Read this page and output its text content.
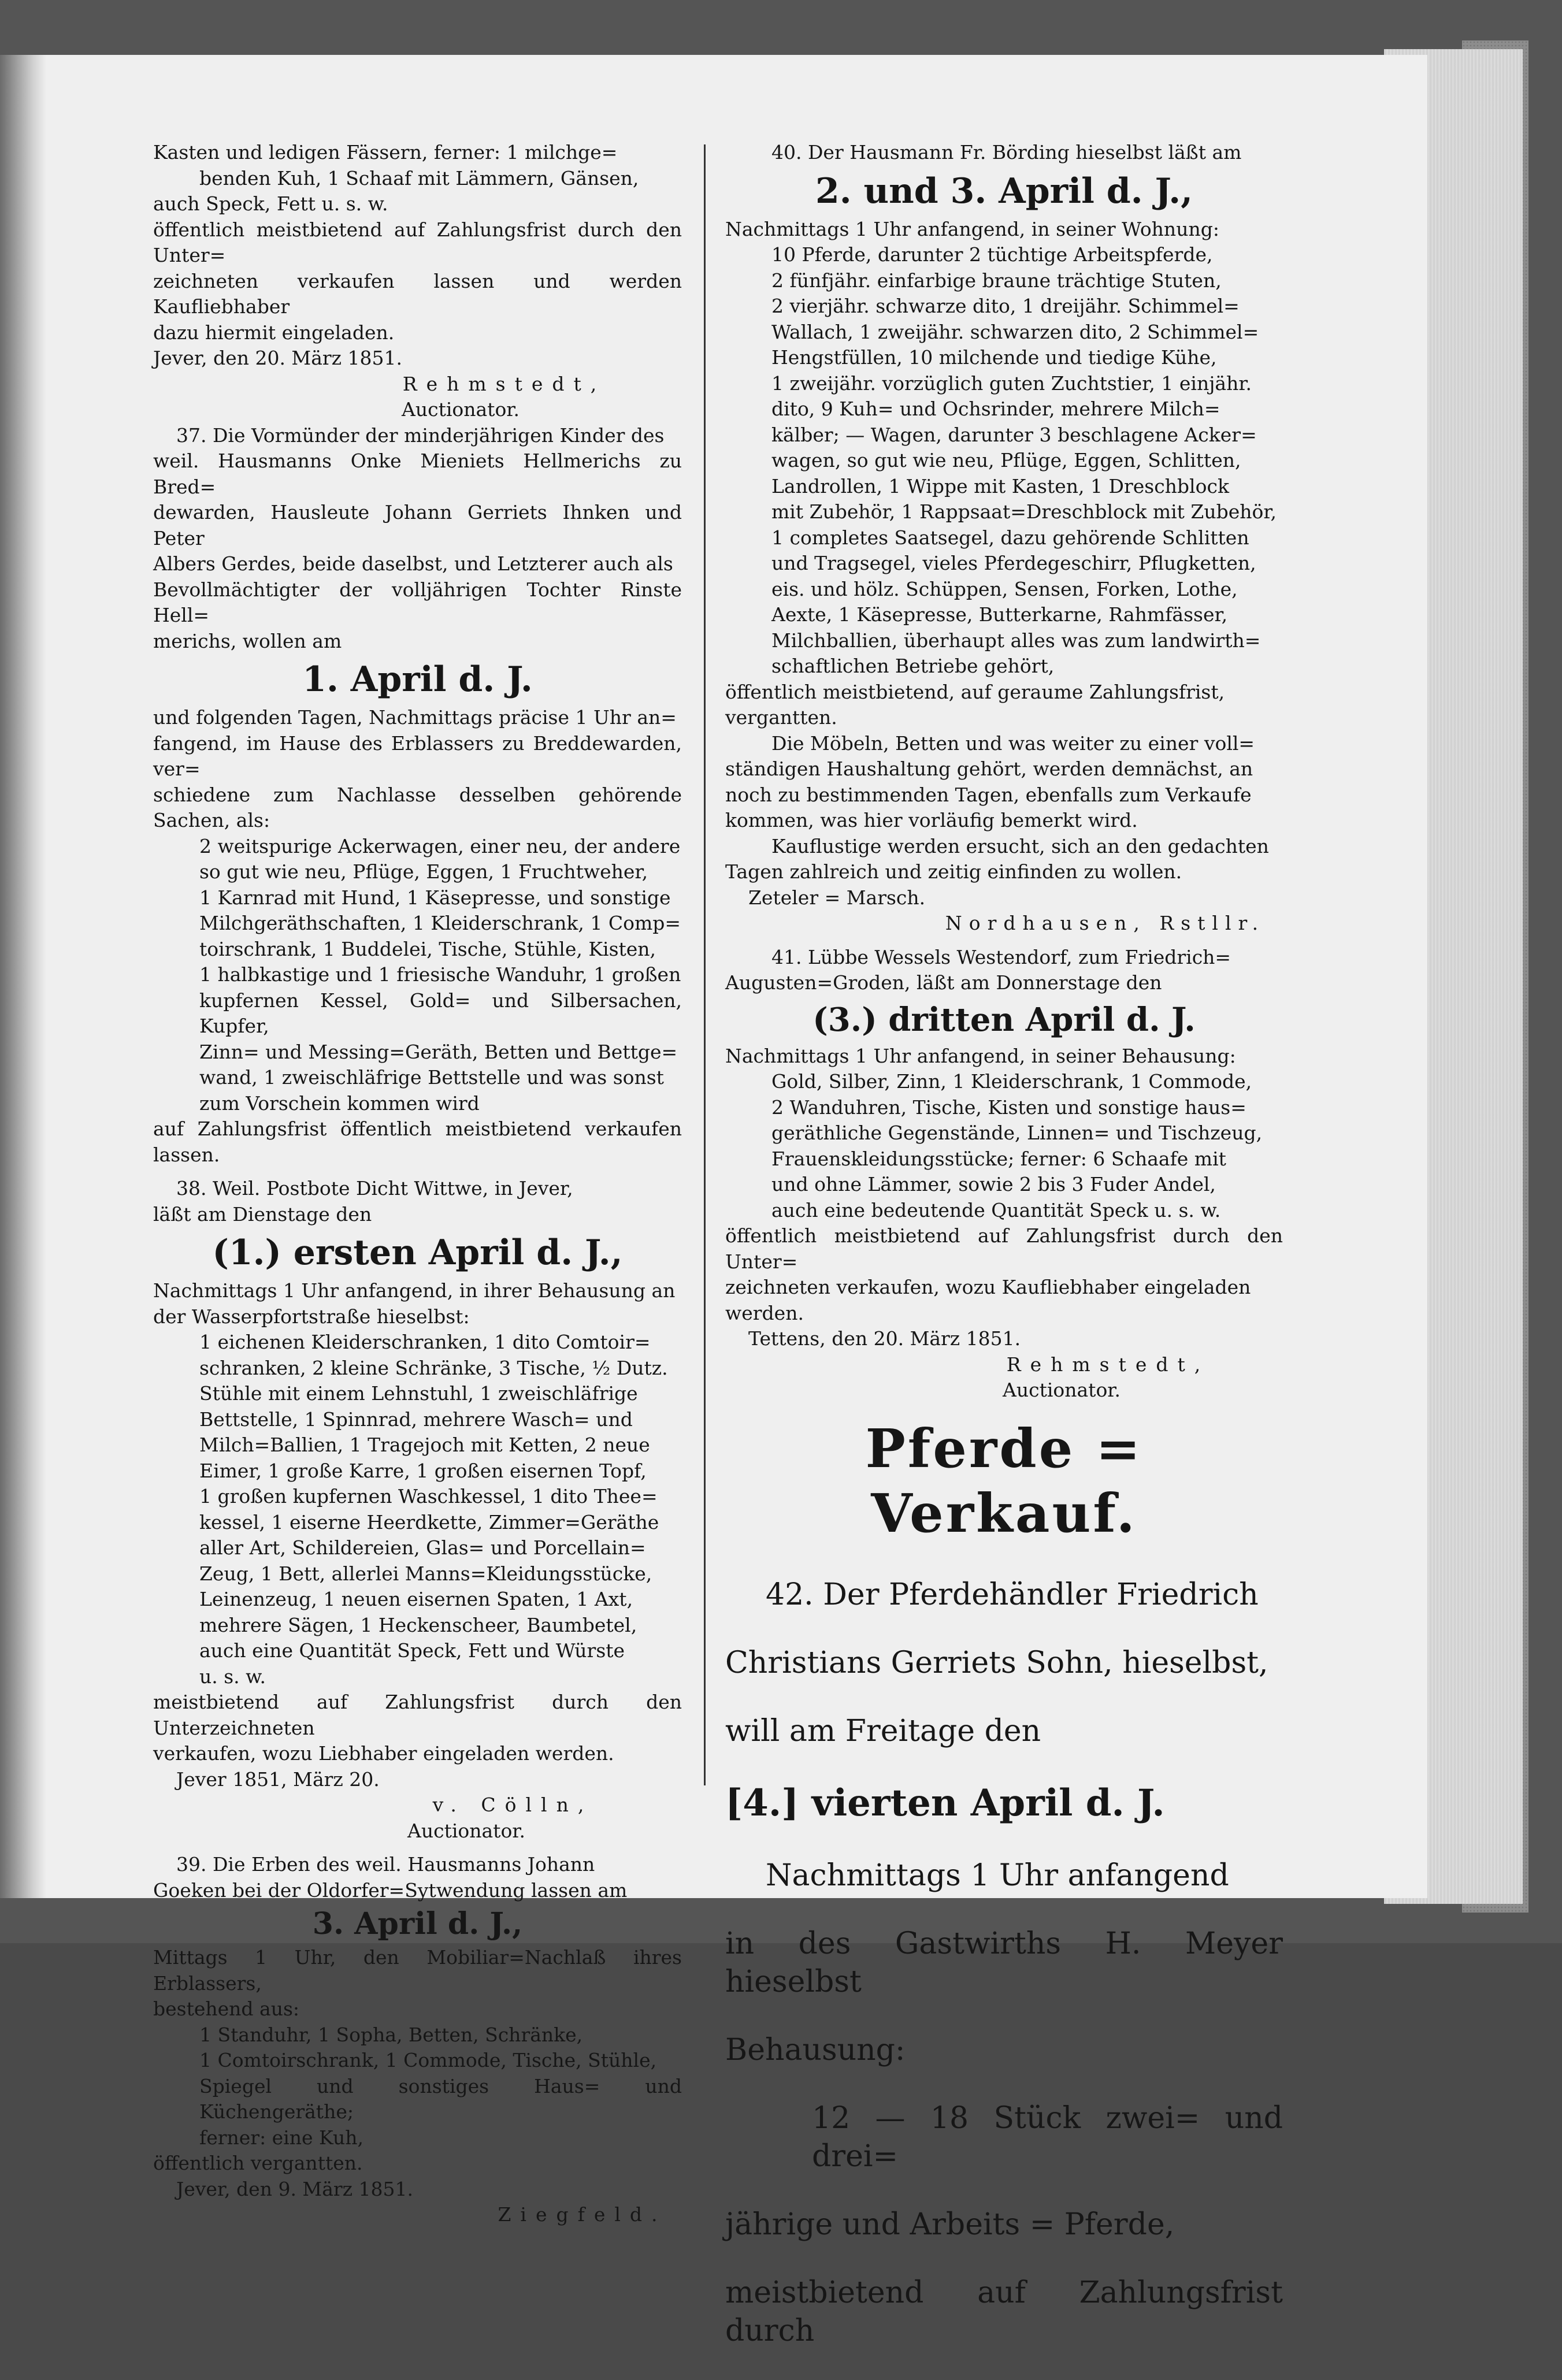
Kasten und ledigen Fässern, ferner: 1 milchge=

benden Kuh, 1 Schaaf mit Lämmern, Gänsen,

auch Speck, Fett u. s. w.

öffentlich meistbietend auf Zahlungsfrist durch den Unter=

zeichneten verkaufen lassen und werden Kaufliebhaber

dazu hiermit eingeladen.

Jever, den 20. März 1851.

Rehmstedt,

Auctionator.

37. Die Vormünder der minderjährigen Kinder des

weil. Hausmanns Onke Mieniets Hellmerichs zu Bred=

dewarden, Hausleute Johann Gerriets Ihnken und Peter

Albers Gerdes, beide daselbst, und Letzterer auch als

Bevollmächtigter der volljährigen Tochter Rinste Hell=

merichs, wollen am

1. April d. J.

und folgenden Tagen, Nachmittags präcise 1 Uhr an=

fangend, im Hause des Erblassers zu Breddewarden, ver=

schiedene zum Nachlasse desselben gehörende Sachen, als:

2 weitspurige Ackerwagen, einer neu, der andere

so gut wie neu, Pflüge, Eggen, 1 Fruchtweher,

1 Karnrad mit Hund, 1 Käsepresse, und sonstige

Milchgeräthschaften, 1 Kleiderschrank, 1 Comp=

toirschrank, 1 Buddelei, Tische, Stühle, Kisten,

1 halbkastige und 1 friesische Wanduhr, 1 großen

kupfernen Kessel, Gold= und Silbersachen, Kupfer,

Zinn= und Messing=Geräth, Betten und Bettge=

wand, 1 zweischläfrige Bettstelle und was sonst

zum Vorschein kommen wird

auf Zahlungsfrist öffentlich meistbietend verkaufen lassen.

38. Weil. Postbote Dicht Wittwe, in Jever,

läßt am Dienstage den

(1.) ersten April d. J.,

Nachmittags 1 Uhr anfangend, in ihrer Behausung an

der Wasserpfortstraße hieselbst:

1 eichenen Kleiderschranken, 1 dito Comtoir=

schranken, 2 kleine Schränke, 3 Tische, ½ Dutz.

Stühle mit einem Lehnstuhl, 1 zweischläfrige

Bettstelle, 1 Spinnrad, mehrere Wasch= und

Milch=Ballien, 1 Tragejoch mit Ketten, 2 neue

Eimer, 1 große Karre, 1 großen eisernen Topf,

1 großen kupfernen Waschkessel, 1 dito Thee=

kessel, 1 eiserne Heerdkette, Zimmer=Geräthe

aller Art, Schildereien, Glas= und Porcellain=

Zeug, 1 Bett, allerlei Manns=Kleidungsstücke,

Leinenzeug, 1 neuen eisernen Spaten, 1 Axt,

mehrere Sägen, 1 Heckenscheer, Baumbetel,

auch eine Quantität Speck, Fett und Würste

u. s. w.

meistbietend auf Zahlungsfrist durch den Unterzeichneten

verkaufen, wozu Liebhaber eingeladen werden.

Jever 1851, März 20.

v. Cölln,

Auctionator.

39. Die Erben des weil. Hausmanns Johann

Goeken bei der Oldorfer=Sytwendung lassen am

3. April d. J.,

Mittags 1 Uhr, den Mobiliar=Nachlaß ihres Erblassers,

bestehend aus:

1 Standuhr, 1 Sopha, Betten, Schränke,

1 Comtoirschrank, 1 Commode, Tische, Stühle,

Spiegel und sonstiges Haus= und Küchengeräthe;

ferner: eine Kuh,

öffentlich vergantten.

Jever, den 9. März 1851.

Ziegfeld.

40. Der Hausmann Fr. Börding hieselbst läßt am

2. und 3. April d. J.,

Nachmittags 1 Uhr anfangend, in seiner Wohnung:

10 Pferde, darunter 2 tüchtige Arbeitspferde,

2 fünfjähr. einfarbige braune trächtige Stuten,

2 vierjähr. schwarze dito, 1 dreijähr. Schimmel=

Wallach, 1 zweijähr. schwarzen dito, 2 Schimmel=

Hengstfüllen, 10 milchende und tiedige Kühe,

1 zweijähr. vorzüglich guten Zuchtstier, 1 einjähr.

dito, 9 Kuh= und Ochsrinder, mehrere Milch=

kälber; — Wagen, darunter 3 beschlagene Acker=

wagen, so gut wie neu, Pflüge, Eggen, Schlitten,

Landrollen, 1 Wippe mit Kasten, 1 Dreschblock

mit Zubehör, 1 Rappsaat=Dreschblock mit Zubehör,

1 completes Saatsegel, dazu gehörende Schlitten

und Tragsegel, vieles Pferdegeschirr, Pflugketten,

eis. und hölz. Schüppen, Sensen, Forken, Lothe,

Aexte, 1 Käsepresse, Butterkarne, Rahmfässer,

Milchballien, überhaupt alles was zum landwirth=

schaftlichen Betriebe gehört,

öffentlich meistbietend, auf geraume Zahlungsfrist,

vergantten.

Die Möbeln, Betten und was weiter zu einer voll=

ständigen Haushaltung gehört, werden demnächst, an

noch zu bestimmenden Tagen, ebenfalls zum Verkaufe

kommen, was hier vorläufig bemerkt wird.

Kauflustige werden ersucht, sich an den gedachten

Tagen zahlreich und zeitig einfinden zu wollen.

Zeteler = Marsch.

Nordhausen, Rstllr.

41. Lübbe Wessels Westendorf, zum Friedrich=

Augusten=Groden, läßt am Donnerstage den

(3.) dritten April d. J.

Nachmittags 1 Uhr anfangend, in seiner Behausung:

Gold, Silber, Zinn, 1 Kleiderschrank, 1 Commode,

2 Wanduhren, Tische, Kisten und sonstige haus=

geräthliche Gegenstände, Linnen= und Tischzeug,

Frauenskleidungsstücke; ferner: 6 Schaafe mit

und ohne Lämmer, sowie 2 bis 3 Fuder Andel,

auch eine bedeutende Quantität Speck u. s. w.

öffentlich meistbietend auf Zahlungsfrist durch den Unter=

zeichneten verkaufen, wozu Kaufliebhaber eingeladen

werden.

Tettens, den 20. März 1851.

Rehmstedt,

Auctionator.

Pferde = Verkauf.

42. Der Pferdehändler Friedrich

Christians Gerriets Sohn, hieselbst,

will am Freitage den

[4.] vierten April d. J.

Nachmittags 1 Uhr anfangend

in des Gastwirths H. Meyer hieselbst

Behausung:

12 — 18 Stück zwei= und drei=

jährige und Arbeits = Pferde,

meistbietend auf Zahlungsfrist durch
